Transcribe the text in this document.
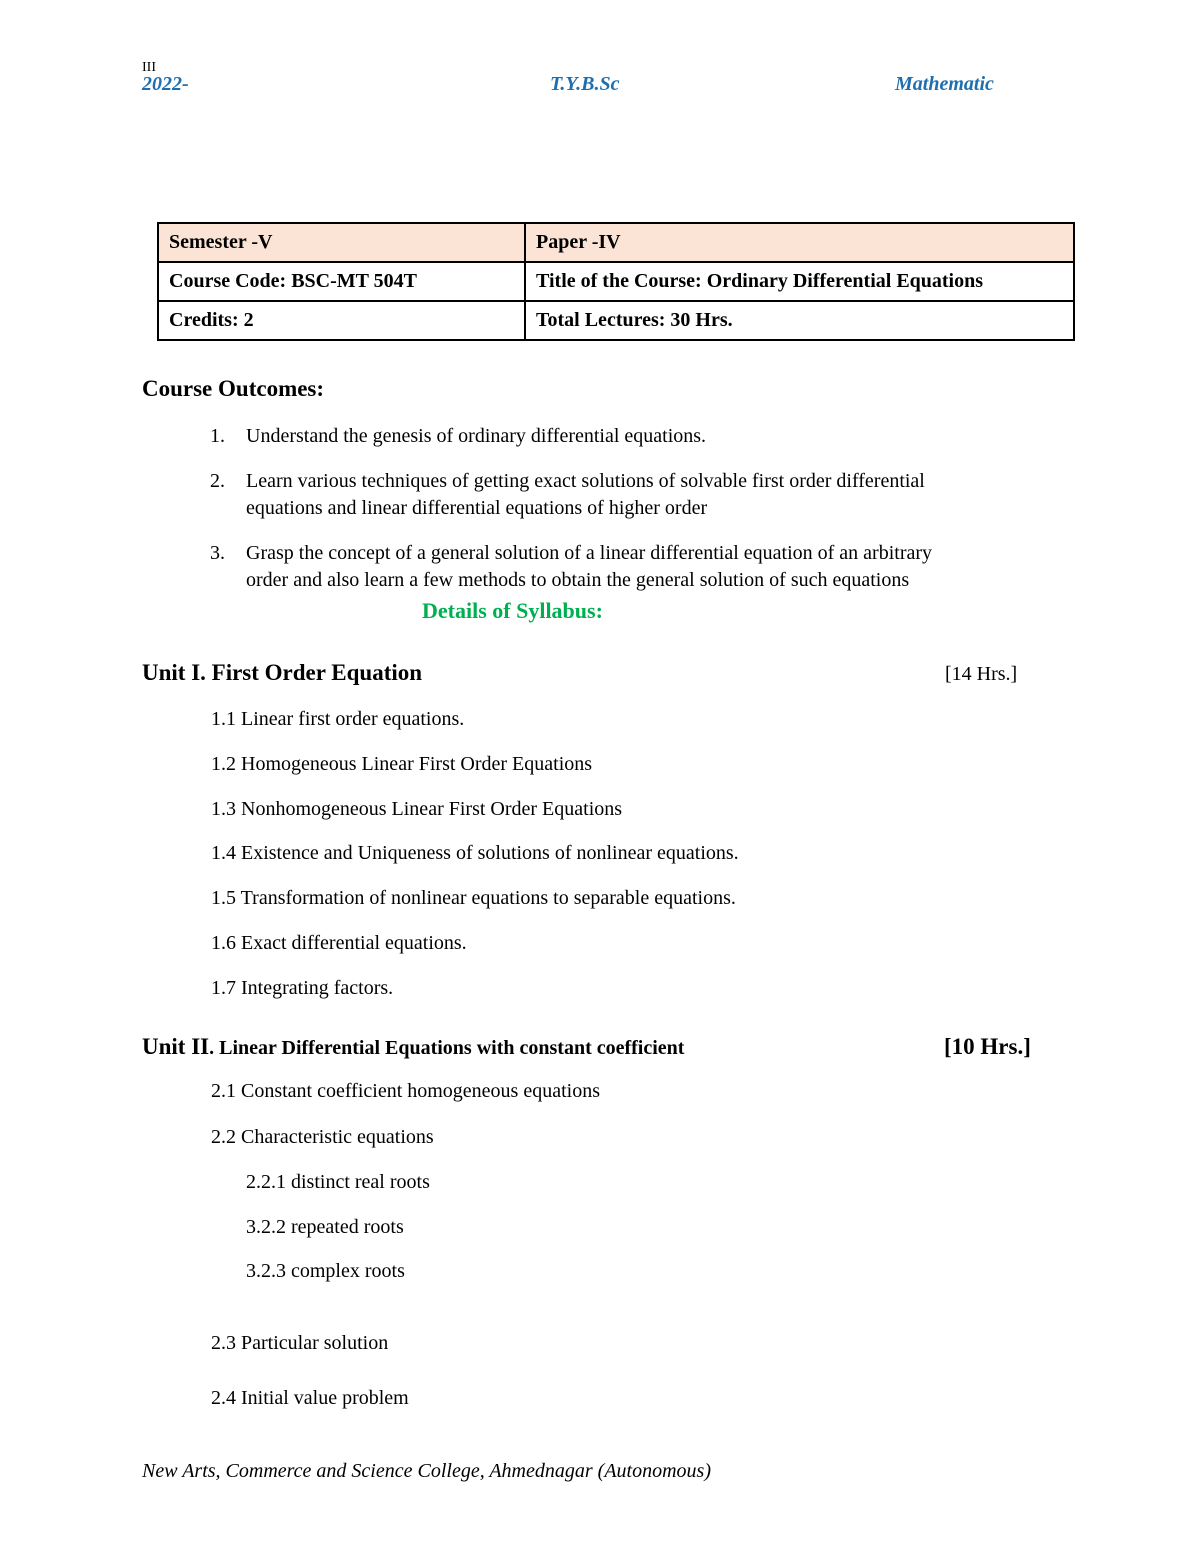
III
2022-	T.Y.B.Sc	Mathematic
Semester -V	Paper -IV
Course Code: BSC-MT 504T	Title of the Course: Ordinary Differential Equations
Credits: 2	Total Lectures: 30 Hrs.
Course Outcomes:
1. Understand the genesis of ordinary differential equations.
2. Learn various techniques of getting exact solutions of solvable first order differential
equations and linear differential equations of higher order
3. Grasp the concept of a general solution of a linear differential equation of an arbitrary
order and also learn a few methods to obtain the general solution of such equations
Details of Syllabus:
Unit I. First Order Equation	[14 Hrs.]
1.1 Linear first order equations.
1.2 Homogeneous Linear First Order Equations
1.3 Nonhomogeneous Linear First Order Equations
1.4 Existence and Uniqueness of solutions of nonlinear equations.
1.5 Transformation of nonlinear equations to separable equations.
1.6 Exact differential equations.
1.7 Integrating factors.
Unit II. Linear Differential Equations with constant coefficient	[10 Hrs.]
2.1 Constant coefficient homogeneous equations
2.2 Characteristic equations
2.2.1 distinct real roots
3.2.2 repeated roots
3.2.3 complex roots
2.3 Particular solution
2.4 Initial value problem
New Arts, Commerce and Science College, Ahmednagar (Autonomous)
